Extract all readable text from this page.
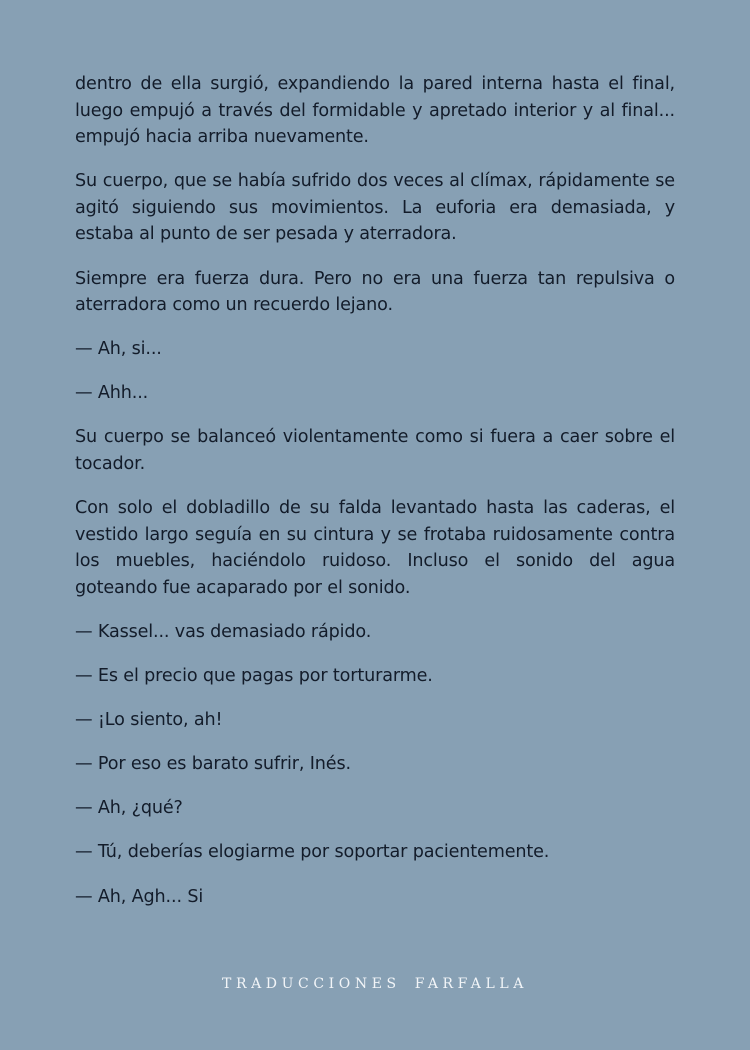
dentro de ella surgió, expandiendo la pared interna hasta el final, luego empujó a través del formidable y apretado interior y al final... empujó hacia arriba nuevamente.

Su cuerpo, que se había sufrido dos veces al clímax, rápidamente se agitó siguiendo sus movimientos. La euforia era demasiada, y estaba al punto de ser pesada y aterradora.

Siempre era fuerza dura. Pero no era una fuerza tan repulsiva o aterradora como un recuerdo lejano.

— Ah, si...

— Ahh...

Su cuerpo se balanceó violentamente como si fuera a caer sobre el tocador.

Con solo el dobladillo de su falda levantado hasta las caderas, el vestido largo seguía en su cintura y se frotaba ruidosamente contra los muebles, haciéndolo ruidoso. Incluso el sonido del agua goteando fue acaparado por el sonido.

— Kassel... vas demasiado rápido.

— Es el precio que pagas por torturarme.

— ¡Lo siento, ah!

— Por eso es barato sufrir, Inés.

— Ah, ¿qué?

— Tú, deberías elogiarme por soportar pacientemente.

— Ah, Agh... Si

TRADUCCIONES FARFALLA
